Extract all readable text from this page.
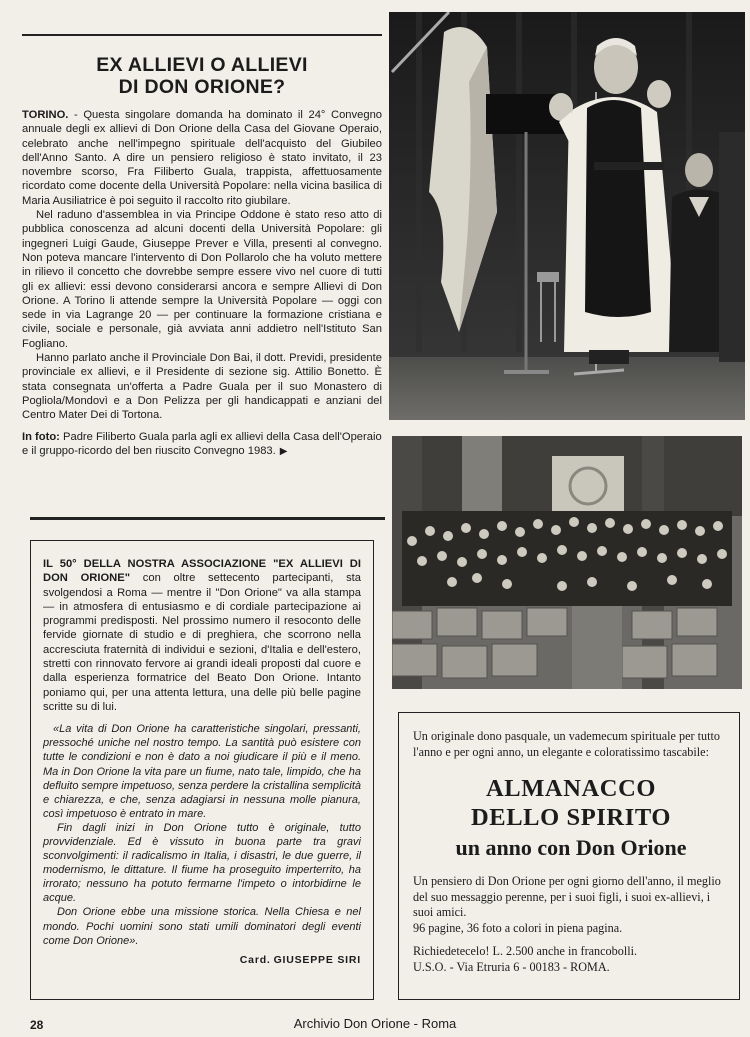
EX ALLIEVI O ALLIEVI
DI DON ORIONE?

TORINO. - Questa singolare domanda ha dominato il 24° Convegno annuale degli ex allievi di Don Orione della Casa del Giovane Operaio, celebrato anche nell'impegno spirituale dell'acquisto del Giubileo dell'Anno Santo. A dire un pensiero religioso è stato invitato, il 23 novembre scorso, Fra Filiberto Guala, trappista, affettuosamente ricordato come docente della Università Popolare: nella vicina basilica di Maria Ausiliatrice è poi seguito il raccolto rito giubilare.

Nel raduno d'assemblea in via Principe Oddone è stato reso atto di pubblica conoscenza ad alcuni docenti della Università Popolare: gli ingegneri Luigi Gaude, Giuseppe Prever e Villa, presenti al convegno. Non poteva mancare l'intervento di Don Pollarolo che ha voluto mettere in rilievo il concetto che dovrebbe sempre essere vivo nel cuore di tutti gli ex allievi: essi devono considerarsi ancora e sempre Allievi di Don Orione. A Torino li attende sempre la Università Popolare — oggi con sede in via Lagrange 20 — per continuare la formazione cristiana e civile, sociale e personale, già avviata anni addietro nell'Istituto San Fogliano.

Hanno parlato anche il Provinciale Don Bai, il dott. Previdi, presidente provinciale ex allievi, e il Presidente di sezione sig. Attilio Bonetto. È stata consegnata un'offerta a Padre Guala per il suo Monastero di Pogliola/Mondovì e a Don Pelizza per gli handicappati e anziani del Centro Mater Dei di Tortona.

In foto: Padre Filiberto Guala parla agli ex allievi della Casa dell'Operaio e il gruppo-ricordo del ben riuscito Convegno 1983. ▶

IL 50° DELLA NOSTRA ASSOCIAZIONE "EX ALLIEVI DI DON ORIONE" con oltre settecento partecipanti, sta svolgendosi a Roma — mentre il "Don Orione" va alla stampa — in atmosfera di entusiasmo e di cordiale partecipazione ai programmi predisposti. Nel prossimo numero il resoconto delle fervide giornate di studio e di preghiera, che scorrono nella accresciuta fraternità di individui e sezioni, d'Italia e dell'estero, stretti con rinnovato fervore ai grandi ideali proposti dal cuore e dalla esperienza formatrice del Beato Don Orione. Intanto poniamo qui, per una attenta lettura, una delle più belle pagine scritte su di lui.

«La vita di Don Orione ha caratteristiche singolari, pressanti, pressoché uniche nel nostro tempo. La santità può esistere con tutte le condizioni e non è dato a noi giudicare il più e il meno. Ma in Don Orione la vita pare un fiume, nato tale, limpido, che ha defluito sempre impetuoso, senza perdere la cristallina semplicità e chiarezza, e che, senza adagiarsi in nessuna molle pianura, così impetuoso è entrato in mare.

Fin dagli inizi in Don Orione tutto è originale, tutto provvidenziale. Ed è vissuto in buona parte tra gravi sconvolgimenti: il radicalismo in Italia, i disastri, le due guerre, il modernismo, le dittature. Il fiume ha proseguito imperterrito, ha irrorato; nessuno ha potuto fermarne l'impeto o intorbidirne le acque.

Don Orione ebbe una missione storica. Nella Chiesa e nel mondo. Pochi uomini sono stati umili dominatori degli eventi come Don Orione».

Card. GIUSEPPE SIRI

Un originale dono pasquale, un vademecum spirituale per tutto l'anno e per ogni anno, un elegante e coloratissimo tascabile:

ALMANACCO
DELLO SPIRITO

un anno con Don Orione

Un pensiero di Don Orione per ogni giorno dell'anno, il meglio del suo messaggio perenne, per i suoi figli, i suoi ex-allievi, i suoi amici.
96 pagine, 36 foto a colori in piena pagina.

Richiedetecelo! L. 2.500 anche in francobolli.
U.S.O. - Via Etruria 6 - 00183 - ROMA.

28	Archivio Don Orione - Roma
